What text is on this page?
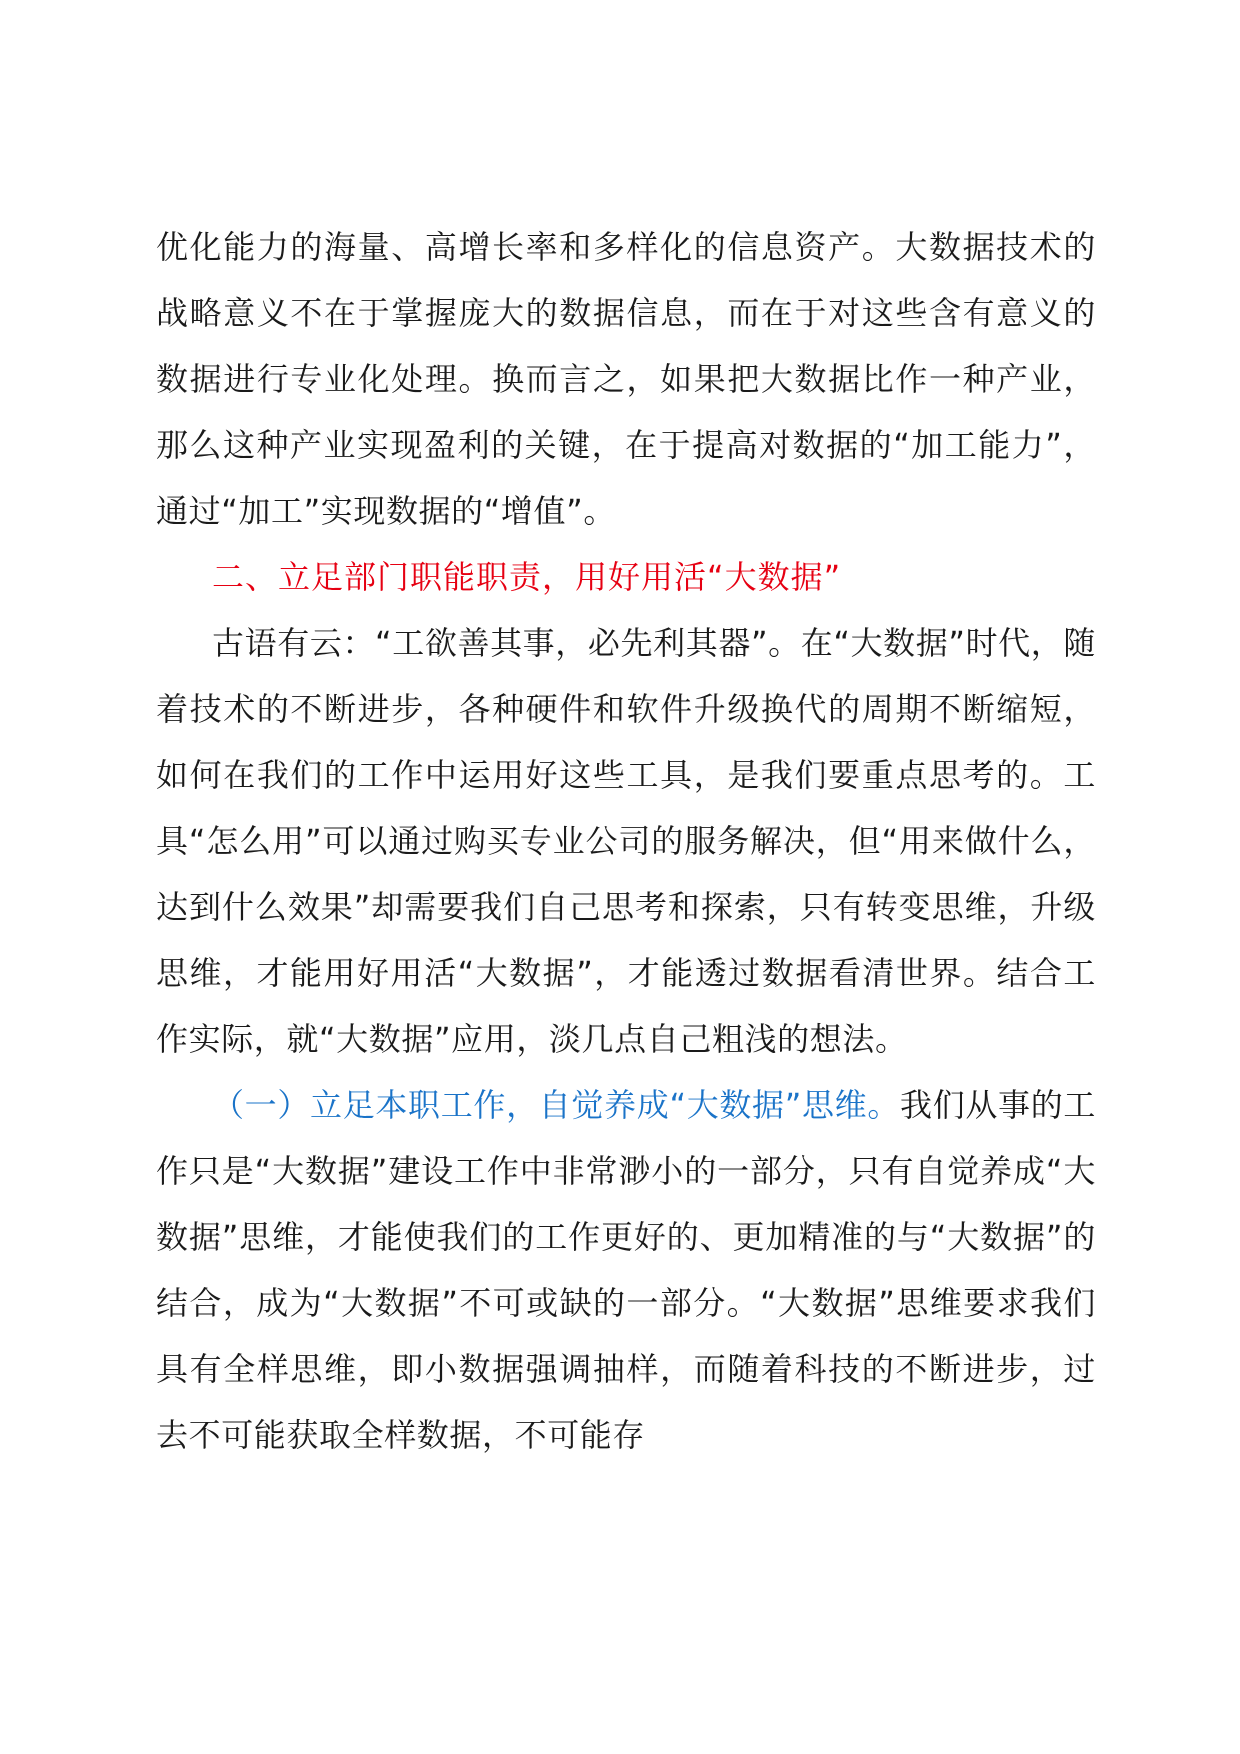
优化能力的海量、高增长率和多样化的信息资产。大数据技术的战略意义不在于掌握庞大的数据信息，而在于对这些含有意义的数据进行专业化处理。换而言之，如果把大数据比作一种产业，那么这种产业实现盈利的关键，在于提高对数据的“加工能力”，通过“加工”实现数据的“增值”。

二、立足部门职能职责，用好用活“大数据”

古语有云：“工欲善其事，必先利其器”。在“大数据”时代，随着技术的不断进步，各种硬件和软件升级换代的周期不断缩短，如何在我们的工作中运用好这些工具，是我们要重点思考的。工具“怎么用”可以通过购买专业公司的服务解决，但“用来做什么，达到什么效果”却需要我们自己思考和探索，只有转变思维，升级思维，才能用好用活“大数据”，才能透过数据看清世界。结合工作实际，就“大数据”应用，淡几点自己粗浅的想法。

（一）立足本职工作，自觉养成“大数据”思维。我们从事的工作只是“大数据”建设工作中非常渺小的一部分，只有自觉养成“大数据”思维，才能使我们的工作更好的、更加精准的与“大数据”的结合，成为“大数据”不可或缺的一部分。“大数据”思维要求我们具有全样思维，即小数据强调抽样，而随着科技的不断进步，过去不可能获取全样数据，不可能存
